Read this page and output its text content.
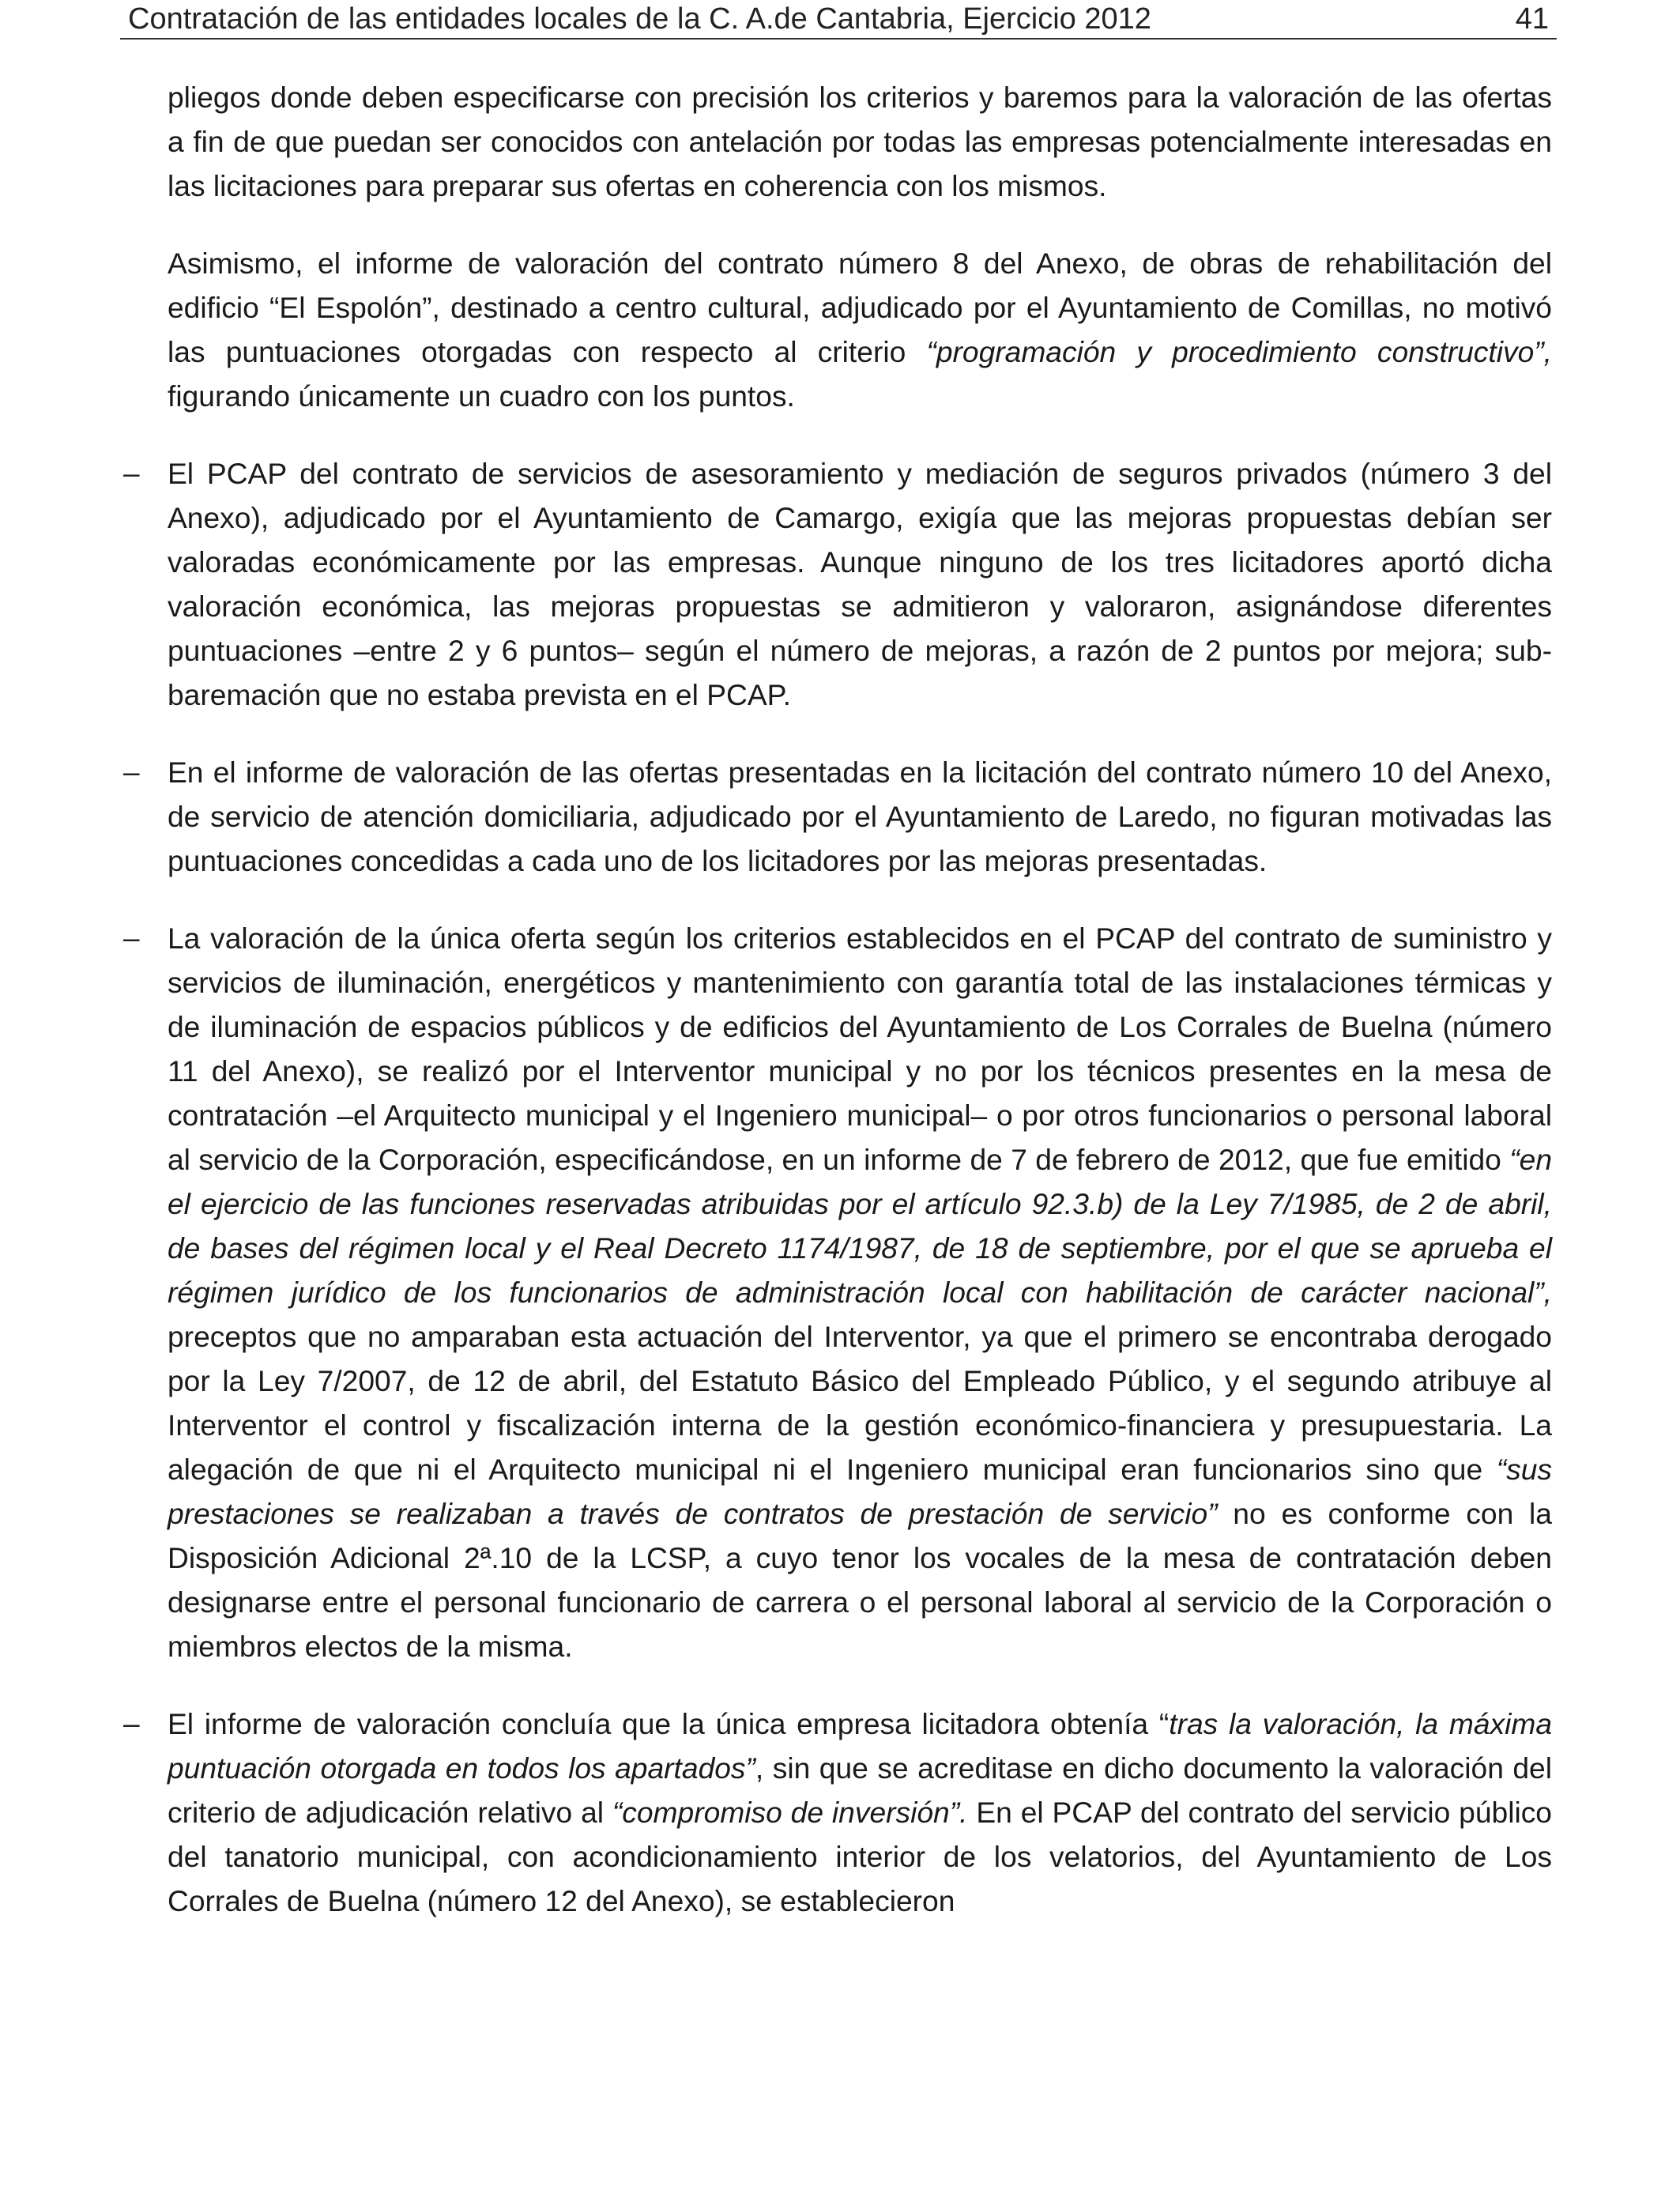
Contratación de las entidades locales de la C. A.de Cantabria, Ejercicio 2012	41

pliegos donde deben especificarse con precisión los criterios y baremos para la valoración de las ofertas a fin de que puedan ser conocidos con antelación por todas las empresas potencialmente interesadas en las licitaciones para preparar sus ofertas en coherencia con los mismos.

Asimismo, el informe de valoración del contrato número 8 del Anexo, de obras de rehabilitación del edificio “El Espolón”, destinado a centro cultural, adjudicado por el Ayuntamiento de Comillas, no motivó las puntuaciones otorgadas con respecto al criterio “programación y procedimiento constructivo”, figurando únicamente un cuadro con los puntos.

– El PCAP del contrato de servicios de asesoramiento y mediación de seguros privados (número 3 del Anexo), adjudicado por el Ayuntamiento de Camargo, exigía que las mejoras propuestas debían ser valoradas económicamente por las empresas. Aunque ninguno de los tres licitadores aportó dicha valoración económica, las mejoras propuestas se admitieron y valoraron, asignándose diferentes puntuaciones –entre 2 y 6 puntos– según el número de mejoras, a razón de 2 puntos por mejora; sub-baremación que no estaba prevista en el PCAP.

– En el informe de valoración de las ofertas presentadas en la licitación del contrato número 10 del Anexo, de servicio de atención domiciliaria, adjudicado por el Ayuntamiento de Laredo, no figuran motivadas las puntuaciones concedidas a cada uno de los licitadores por las mejoras presentadas.

– La valoración de la única oferta según los criterios establecidos en el PCAP del contrato de suministro y servicios de iluminación, energéticos y mantenimiento con garantía total de las instalaciones térmicas y de iluminación de espacios públicos y de edificios del Ayuntamiento de Los Corrales de Buelna (número 11 del Anexo), se realizó por el Interventor municipal y no por los técnicos presentes en la mesa de contratación –el Arquitecto municipal y el Ingeniero municipal– o por otros funcionarios o personal laboral al servicio de la Corporación, especificándose, en un informe de 7 de febrero de 2012, que fue emitido “en el ejercicio de las funciones reservadas atribuidas por el artículo 92.3.b) de la Ley 7/1985, de 2 de abril, de bases del régimen local y el Real Decreto 1174/1987, de 18 de septiembre, por el que se aprueba el régimen jurídico de los funcionarios de administración local con habilitación de carácter nacional”, preceptos que no amparaban esta actuación del Interventor, ya que el primero se encontraba derogado por la Ley 7/2007, de 12 de abril, del Estatuto Básico del Empleado Público, y el segundo atribuye al Interventor el control y fiscalización interna de la gestión económico-financiera y presupuestaria. La alegación de que ni el Arquitecto municipal ni el Ingeniero municipal eran funcionarios sino que “sus prestaciones se realizaban a través de contratos de prestación de servicio” no es conforme con la Disposición Adicional 2ª.10 de la LCSP, a cuyo tenor los vocales de la mesa de contratación deben designarse entre el personal funcionario de carrera o el personal laboral al servicio de la Corporación o miembros electos de la misma.

– El informe de valoración concluía que la única empresa licitadora obtenía “tras la valoración, la máxima puntuación otorgada en todos los apartados”, sin que se acreditase en dicho documento la valoración del criterio de adjudicación relativo al “compromiso de inversión”. En el PCAP del contrato del servicio público del tanatorio municipal, con acondicionamiento interior de los velatorios, del Ayuntamiento de Los Corrales de Buelna (número 12 del Anexo), se establecieron
